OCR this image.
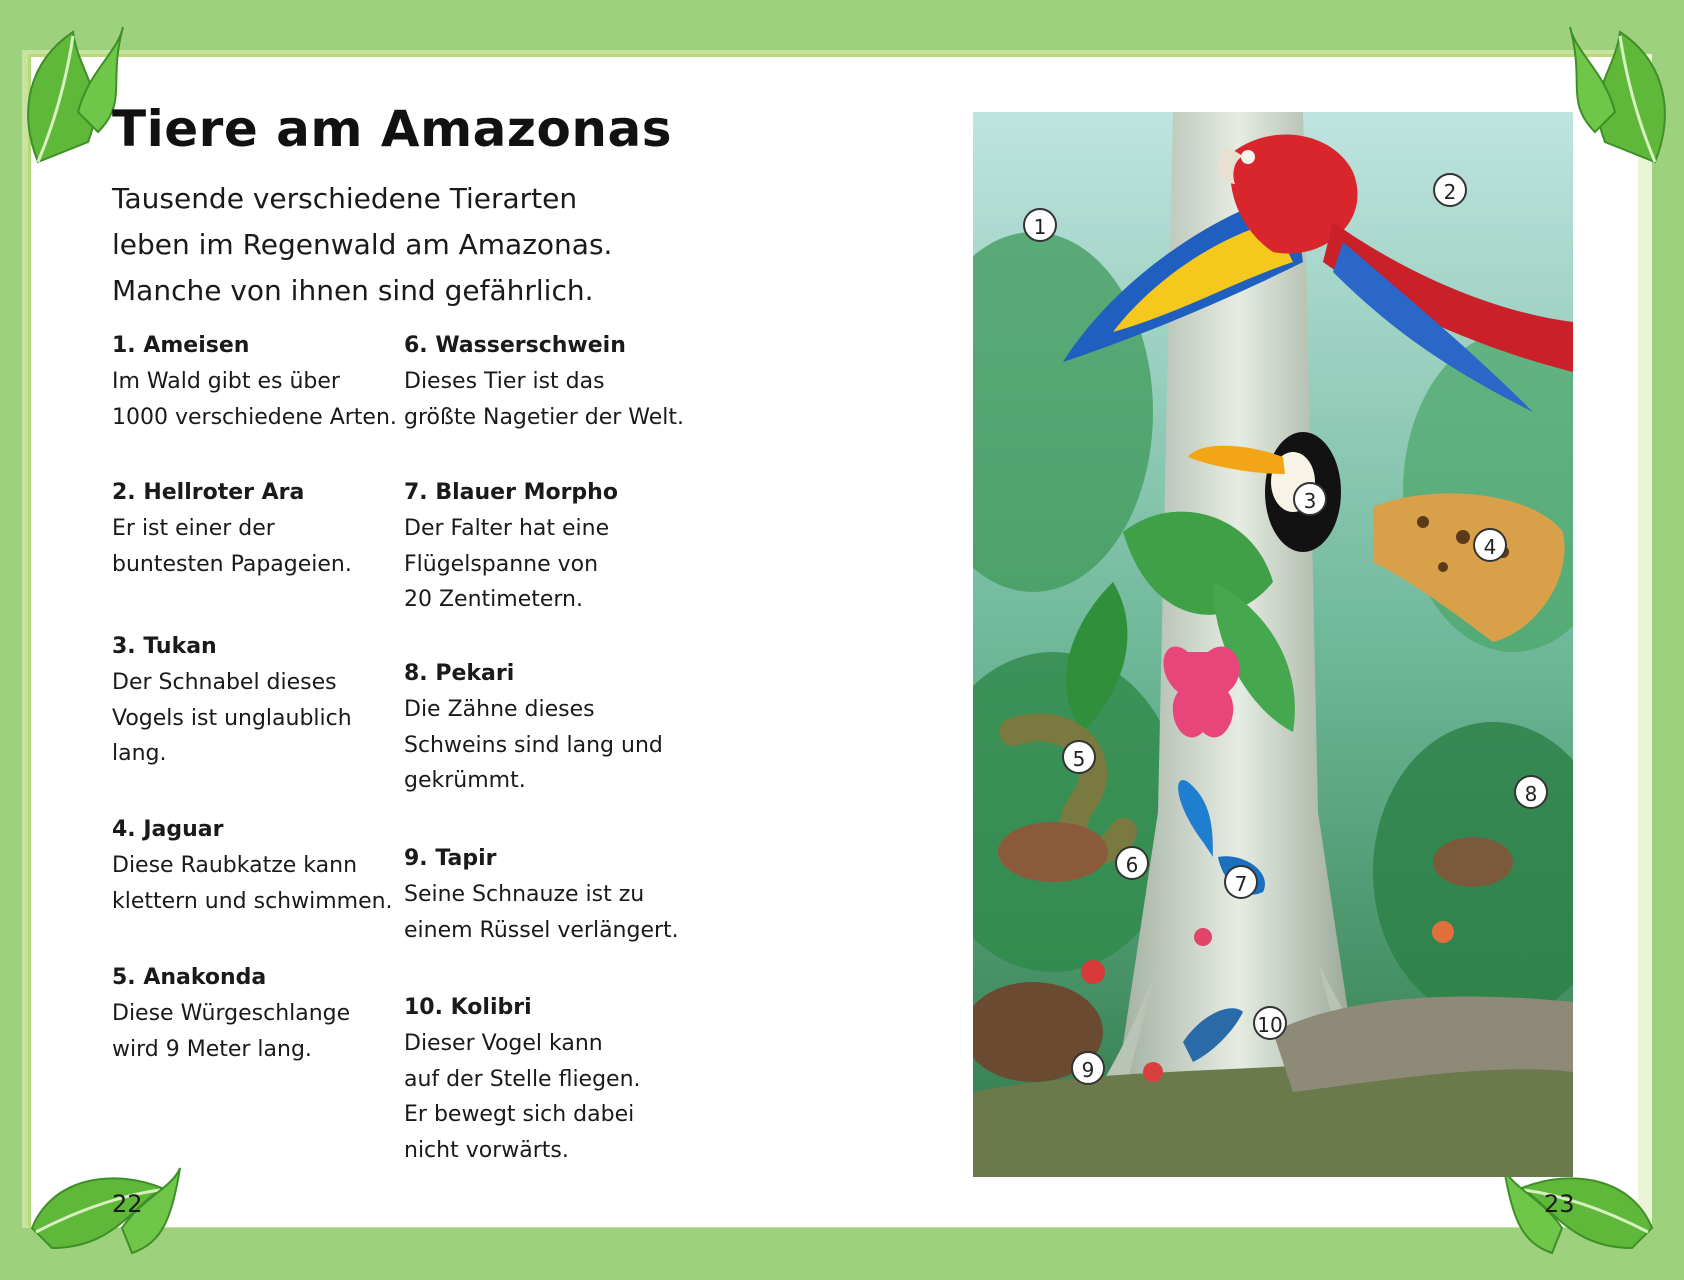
Tiere am Amazonas

Tausende verschiedene Tierarten
leben im Regenwald am Amazonas.
Manche von ihnen sind gefährlich.

1. Ameisen
Im Wald gibt es über
1000 verschiedene Arten.
2. Hellroter Ara
Er ist einer der
buntesten Papageien.
3. Tukan
Der Schnabel dieses
Vogels ist unglaublich
lang.
4. Jaguar
Diese Raubkatze kann
klettern und schwimmen.
5. Anakonda
Diese Würgeschlange
wird 9 Meter lang.
6. Wasserschwein
Dieses Tier ist das
größte Nagetier der Welt.
7. Blauer Morpho
Der Falter hat eine
Flügelspanne von
20 Zentimetern.
8. Pekari
Die Zähne dieses
Schweins sind lang und
gekrümmt.
9. Tapir
Seine Schnauze ist zu
einem Rüssel verlängert.
10. Kolibri
Dieser Vogel kann
auf der Stelle fliegen.
Er bewegt sich dabei
nicht vorwärts.
22	23
1
2
3
4
5
6
7
8
9
10
